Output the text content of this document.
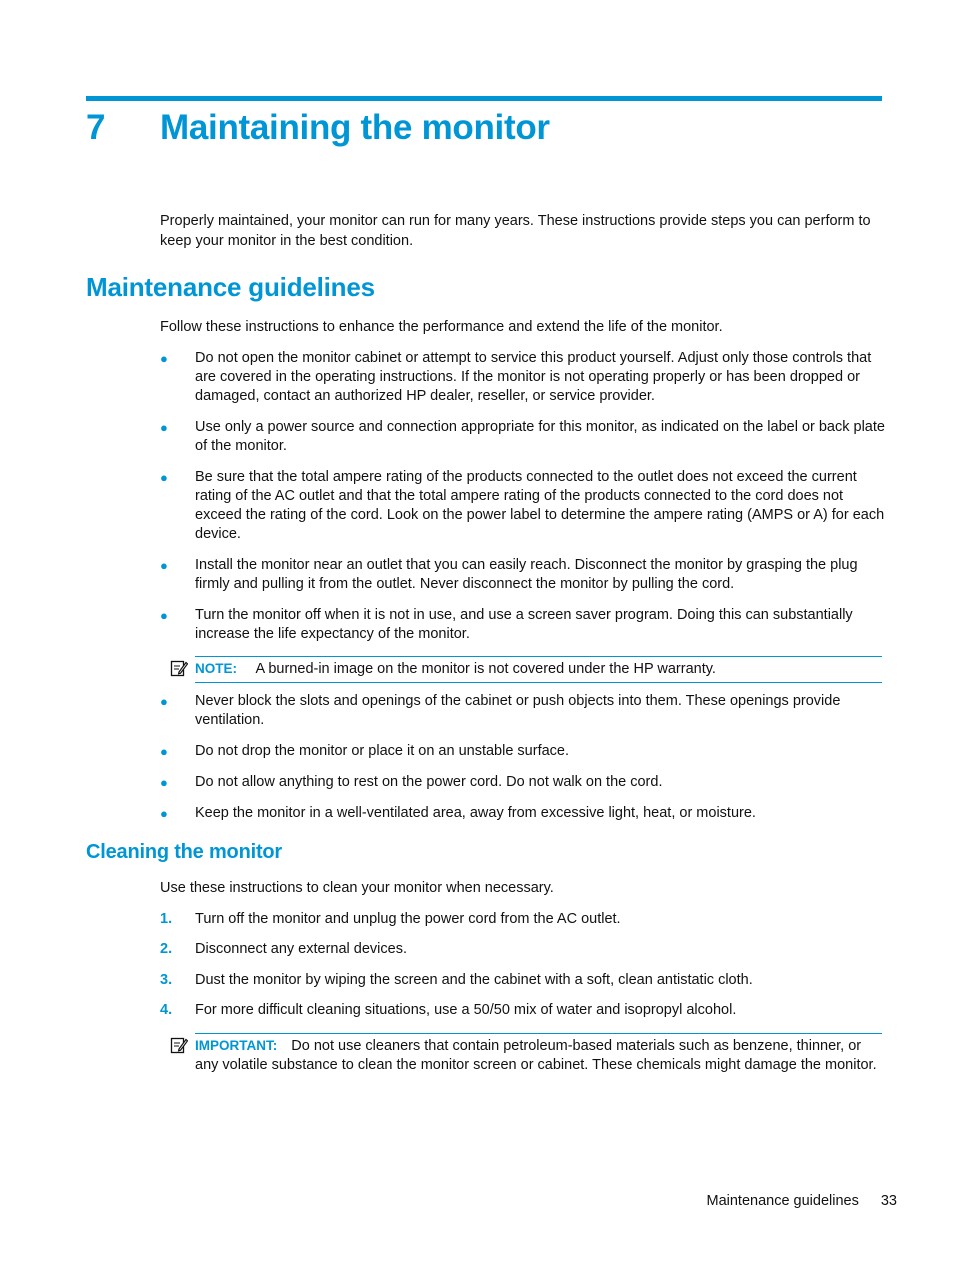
7	Maintaining the monitor
Properly maintained, your monitor can run for many years. These instructions provide steps you can perform to keep your monitor in the best condition.
Maintenance guidelines
Follow these instructions to enhance the performance and extend the life of the monitor.
●	Do not open the monitor cabinet or attempt to service this product yourself. Adjust only those controls that are covered in the operating instructions. If the monitor is not operating properly or has been dropped or damaged, contact an authorized HP dealer, reseller, or service provider.
●	Use only a power source and connection appropriate for this monitor, as indicated on the label or back plate of the monitor.
●	Be sure that the total ampere rating of the products connected to the outlet does not exceed the current rating of the AC outlet and that the total ampere rating of the products connected to the cord does not exceed the rating of the cord. Look on the power label to determine the ampere rating (AMPS or A) for each device.
●	Install the monitor near an outlet that you can easily reach. Disconnect the monitor by grasping the plug firmly and pulling it from the outlet. Never disconnect the monitor by pulling the cord.
●	Turn the monitor off when it is not in use, and use a screen saver program. Doing this can substantially increase the life expectancy of the monitor.
NOTE: A burned-in image on the monitor is not covered under the HP warranty.
●	Never block the slots and openings of the cabinet or push objects into them. These openings provide ventilation.
●	Do not drop the monitor or place it on an unstable surface.
●	Do not allow anything to rest on the power cord. Do not walk on the cord.
●	Keep the monitor in a well-ventilated area, away from excessive light, heat, or moisture.
Cleaning the monitor
Use these instructions to clean your monitor when necessary.
1.	Turn off the monitor and unplug the power cord from the AC outlet.
2.	Disconnect any external devices.
3.	Dust the monitor by wiping the screen and the cabinet with a soft, clean antistatic cloth.
4.	For more difficult cleaning situations, use a 50/50 mix of water and isopropyl alcohol.
IMPORTANT: Do not use cleaners that contain petroleum-based materials such as benzene, thinner, or any volatile substance to clean the monitor screen or cabinet. These chemicals might damage the monitor.
Maintenance guidelines 33
